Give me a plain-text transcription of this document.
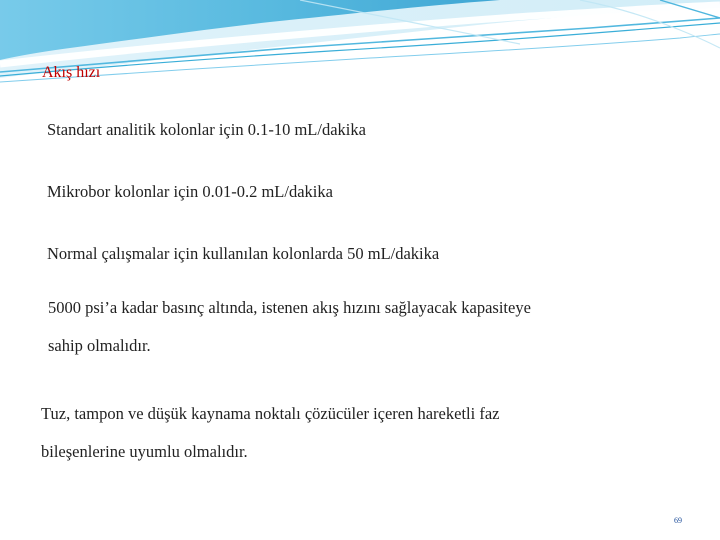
Akış hızı
Standart analitik kolonlar için 0.1-10 mL/dakika
Mikrobor kolonlar için 0.01-0.2 mL/dakika
Normal çalışmalar için kullanılan kolonlarda 50 mL/dakika
5000 psi’a kadar basınç altında, istenen akış hızını sağlayacak kapasiteye
sahip olmalıdır.
Tuz, tampon ve düşük kaynama noktalı çözücüler içeren hareketli faz
bileşenlerine uyumlu olmalıdır.
69
